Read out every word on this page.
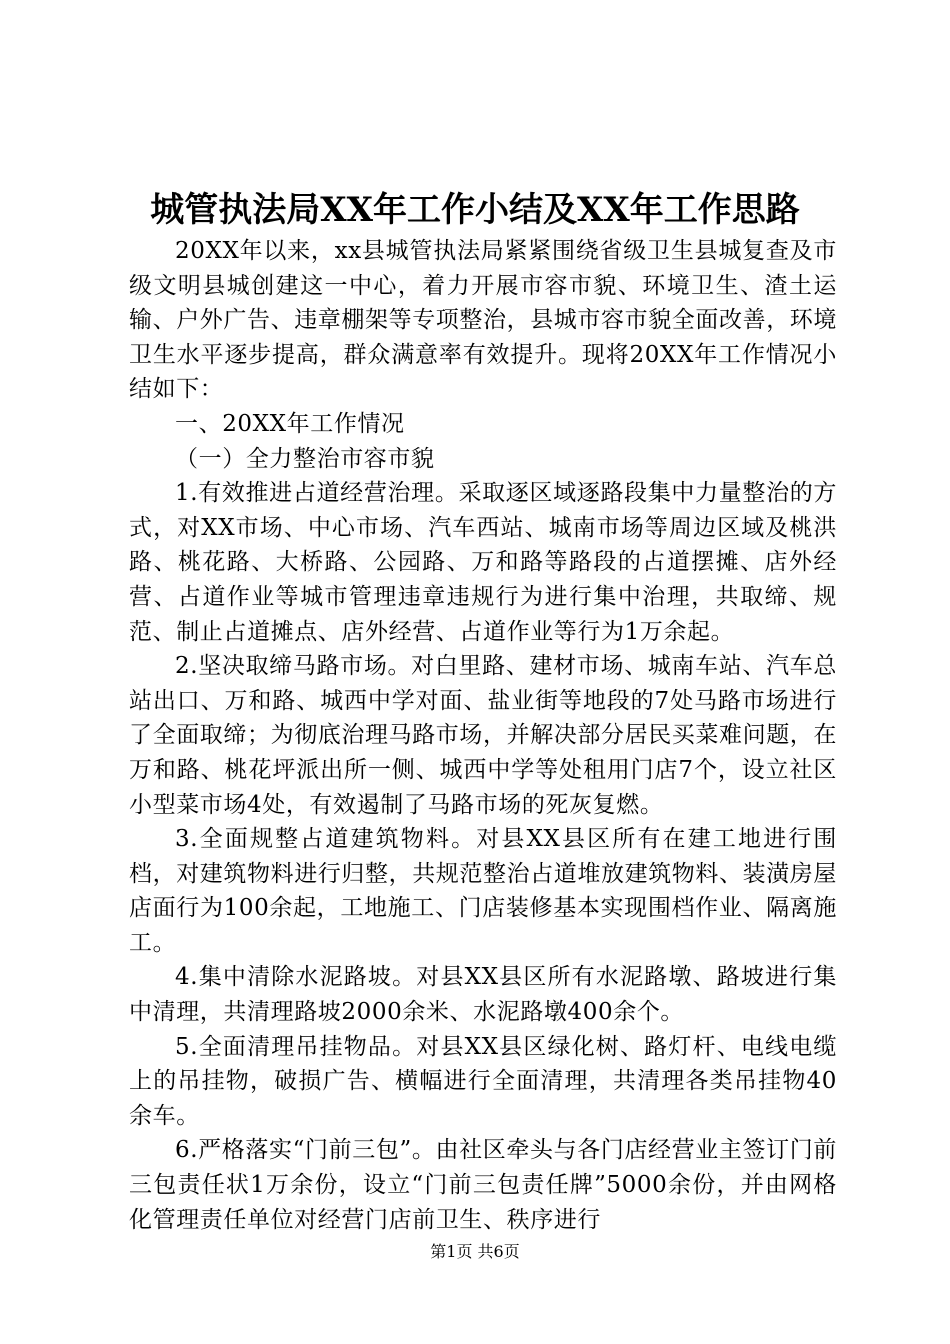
城管执法局XX年工作小结及XX年工作思路

20XX年以来，xx县城管执法局紧紧围绕省级卫生县城复查及市级文明县城创建这一中心，着力开展市容市貌、环境卫生、渣土运输、户外广告、违章棚架等专项整治，县城市容市貌全面改善，环境卫生水平逐步提高，群众满意率有效提升。现将20XX年工作情况小结如下：

一、20XX年工作情况

（一）全力整治市容市貌

1.有效推进占道经营治理。采取逐区域逐路段集中力量整治的方式，对XX市场、中心市场、汽车西站、城南市场等周边区域及桃洪路、桃花路、大桥路、公园路、万和路等路段的占道摆摊、店外经营、占道作业等城市管理违章违规行为进行集中治理，共取缔、规范、制止占道摊点、店外经营、占道作业等行为1万余起。

2.坚决取缔马路市场。对白里路、建材市场、城南车站、汽车总站出口、万和路、城西中学对面、盐业街等地段的7处马路市场进行了全面取缔；为彻底治理马路市场，并解决部分居民买菜难问题，在万和路、桃花坪派出所一侧、城西中学等处租用门店7个，设立社区小型菜市场4处，有效遏制了马路市场的死灰复燃。

3.全面规整占道建筑物料。对县XX县区所有在建工地进行围档，对建筑物料进行归整，共规范整治占道堆放建筑物料、装潢房屋店面行为100余起，工地施工、门店装修基本实现围档作业、隔离施工。

4.集中清除水泥路坡。对县XX县区所有水泥路墩、路坡进行集中清理，共清理路坡2000余米、水泥路墩400余个。

5.全面清理吊挂物品。对县XX县区绿化树、路灯杆、电线电缆上的吊挂物，破损广告、横幅进行全面清理，共清理各类吊挂物40余车。

6.严格落实“门前三包”。由社区牵头与各门店经营业主签订门前三包责任状1万余份，设立“门前三包责任牌”5000余份，并由网格化管理责任单位对经营门店前卫生、秩序进行

第1页 共6页
